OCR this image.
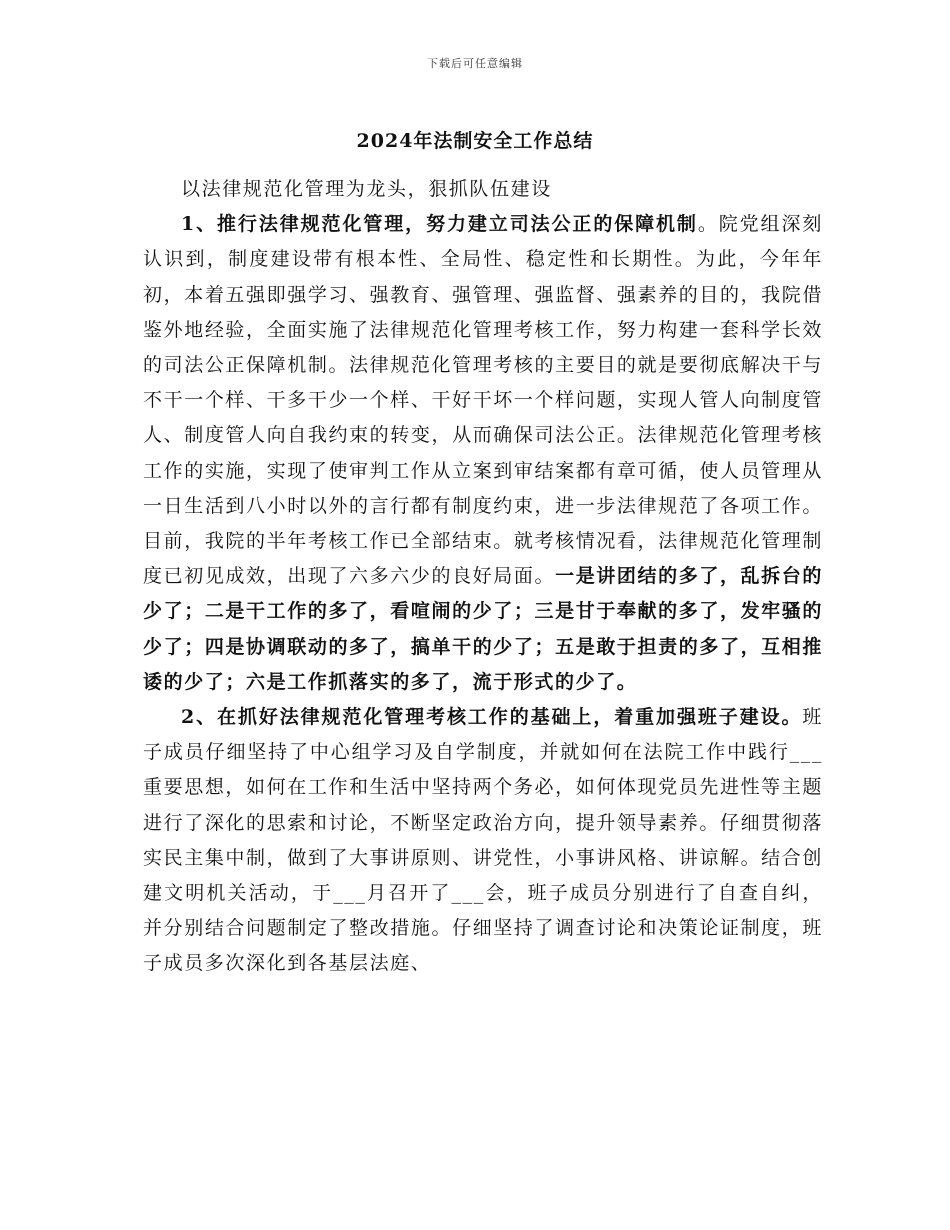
下载后可任意编辑
2024年法制安全工作总结

以法律规范化管理为龙头，狠抓队伍建设

1、推行法律规范化管理，努力建立司法公正的保障机制。院党组深刻认识到，制度建设带有根本性、全局性、稳定性和长期性。为此，今年年初，本着五强即强学习、强教育、强管理、强监督、强素养的目的，我院借鉴外地经验，全面实施了法律规范化管理考核工作，努力构建一套科学长效的司法公正保障机制。法律规范化管理考核的主要目的就是要彻底解决干与不干一个样、干多干少一个样、干好干坏一个样问题，实现人管人向制度管人、制度管人向自我约束的转变，从而确保司法公正。法律规范化管理考核工作的实施，实现了使审判工作从立案到审结案都有章可循，使人员管理从一日生活到八小时以外的言行都有制度约束，进一步法律规范了各项工作。目前，我院的半年考核工作已全部结束。就考核情况看，法律规范化管理制度已初见成效，出现了六多六少的良好局面。一是讲团结的多了，乱拆台的少了；二是干工作的多了，看喧闹的少了；三是甘于奉献的多了，发牢骚的少了；四是协调联动的多了，搞单干的少了；五是敢于担责的多了，互相推诿的少了；六是工作抓落实的多了，流于形式的少了。

2、在抓好法律规范化管理考核工作的基础上，着重加强班子建设。班子成员仔细坚持了中心组学习及自学制度，并就如何在法院工作中践行___重要思想，如何在工作和生活中坚持两个务必，如何体现党员先进性等主题进行了深化的思索和讨论，不断坚定政治方向，提升领导素养。仔细贯彻落实民主集中制，做到了大事讲原则、讲党性，小事讲风格、讲谅解。结合创建文明机关活动，于___月召开了___会，班子成员分别进行了自查自纠，并分别结合问题制定了整改措施。仔细坚持了调查讨论和决策论证制度，班子成员多次深化到各基层法庭、
